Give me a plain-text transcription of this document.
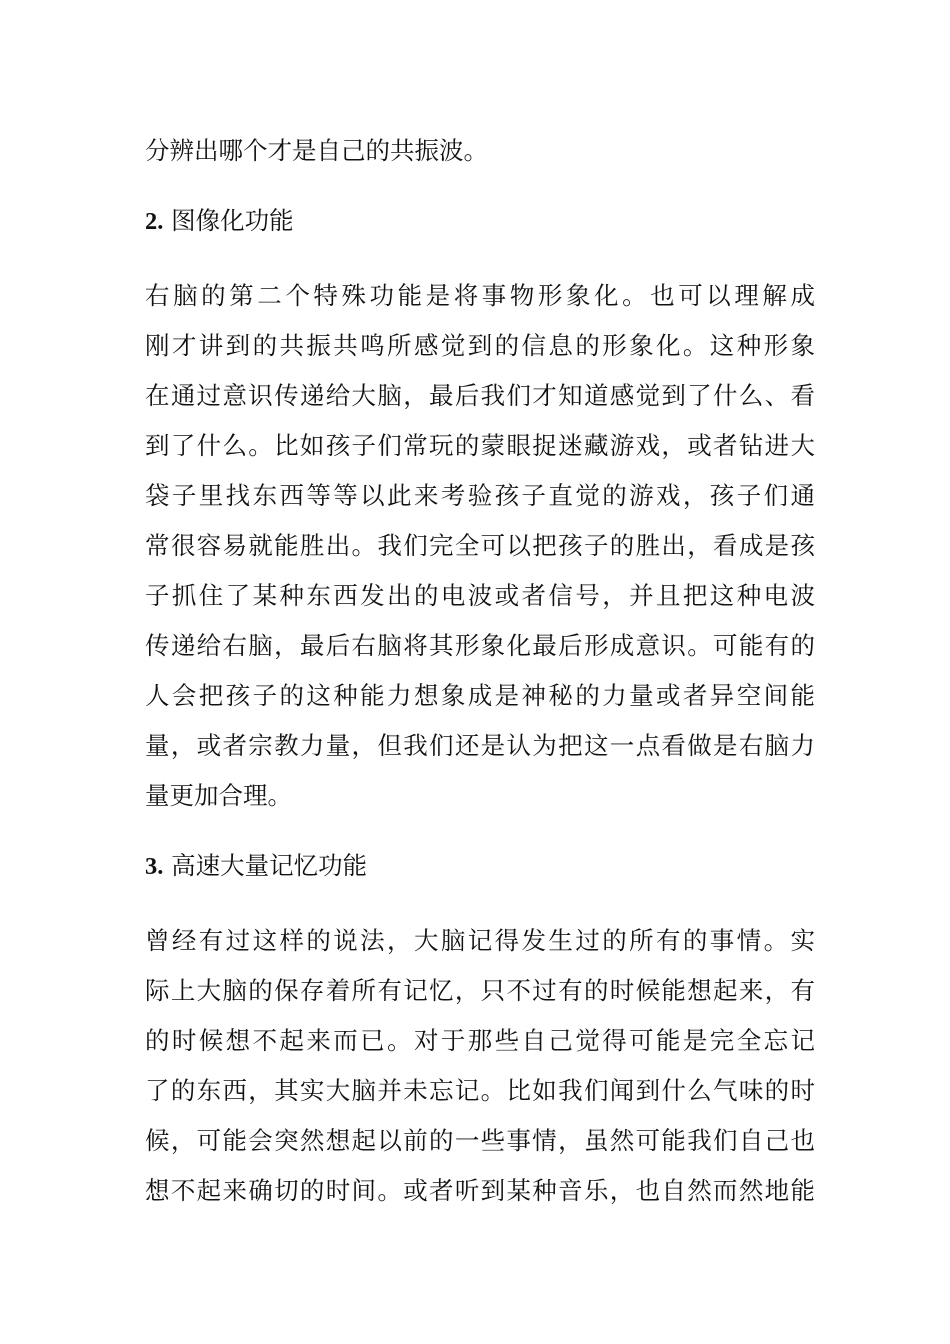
分辨出哪个才是自己的共振波。
2. 图像化功能
右脑的第二个特殊功能是将事物形象化。也可以理解成
刚才讲到的共振共鸣所感觉到的信息的形象化。这种形象
在通过意识传递给大脑，最后我们才知道感觉到了什么、看
到了什么。比如孩子们常玩的蒙眼捉迷藏游戏，或者钻进大
袋子里找东西等等以此来考验孩子直觉的游戏，孩子们通
常很容易就能胜出。我们完全可以把孩子的胜出，看成是孩
子抓住了某种东西发出的电波或者信号，并且把这种电波
传递给右脑，最后右脑将其形象化最后形成意识。可能有的
人会把孩子的这种能力想象成是神秘的力量或者异空间能
量，或者宗教力量，但我们还是认为把这一点看做是右脑力
量更加合理。
3. 高速大量记忆功能
曾经有过这样的说法，大脑记得发生过的所有的事情。实
际上大脑的保存着所有记忆，只不过有的时候能想起来，有
的时候想不起来而已。对于那些自己觉得可能是完全忘记
了的东西，其实大脑并未忘记。比如我们闻到什么气味的时
候，可能会突然想起以前的一些事情，虽然可能我们自己也
想不起来确切的时间。或者听到某种音乐，也自然而然地能
